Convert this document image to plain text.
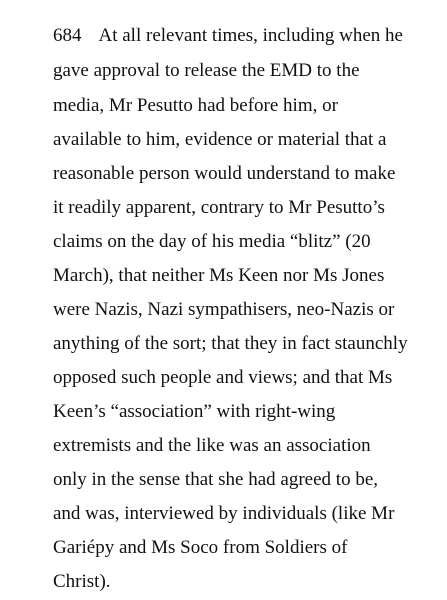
684 At all relevant times, including when he
gave approval to release the EMD to the
media, Mr Pesutto had before him, or
available to him, evidence or material that a
reasonable person would understand to make
it readily apparent, contrary to Mr Pesutto’s
claims on the day of his media “blitz” (20
March), that neither Ms Keen nor Ms Jones
were Nazis, Nazi sympathisers, neo-Nazis or
anything of the sort; that they in fact staunchly
opposed such people and views; and that Ms
Keen’s “association” with right-wing
extremists and the like was an association
only in the sense that she had agreed to be,
and was, interviewed by individuals (like Mr
Gariépy and Ms Soco from Soldiers of
Christ).
